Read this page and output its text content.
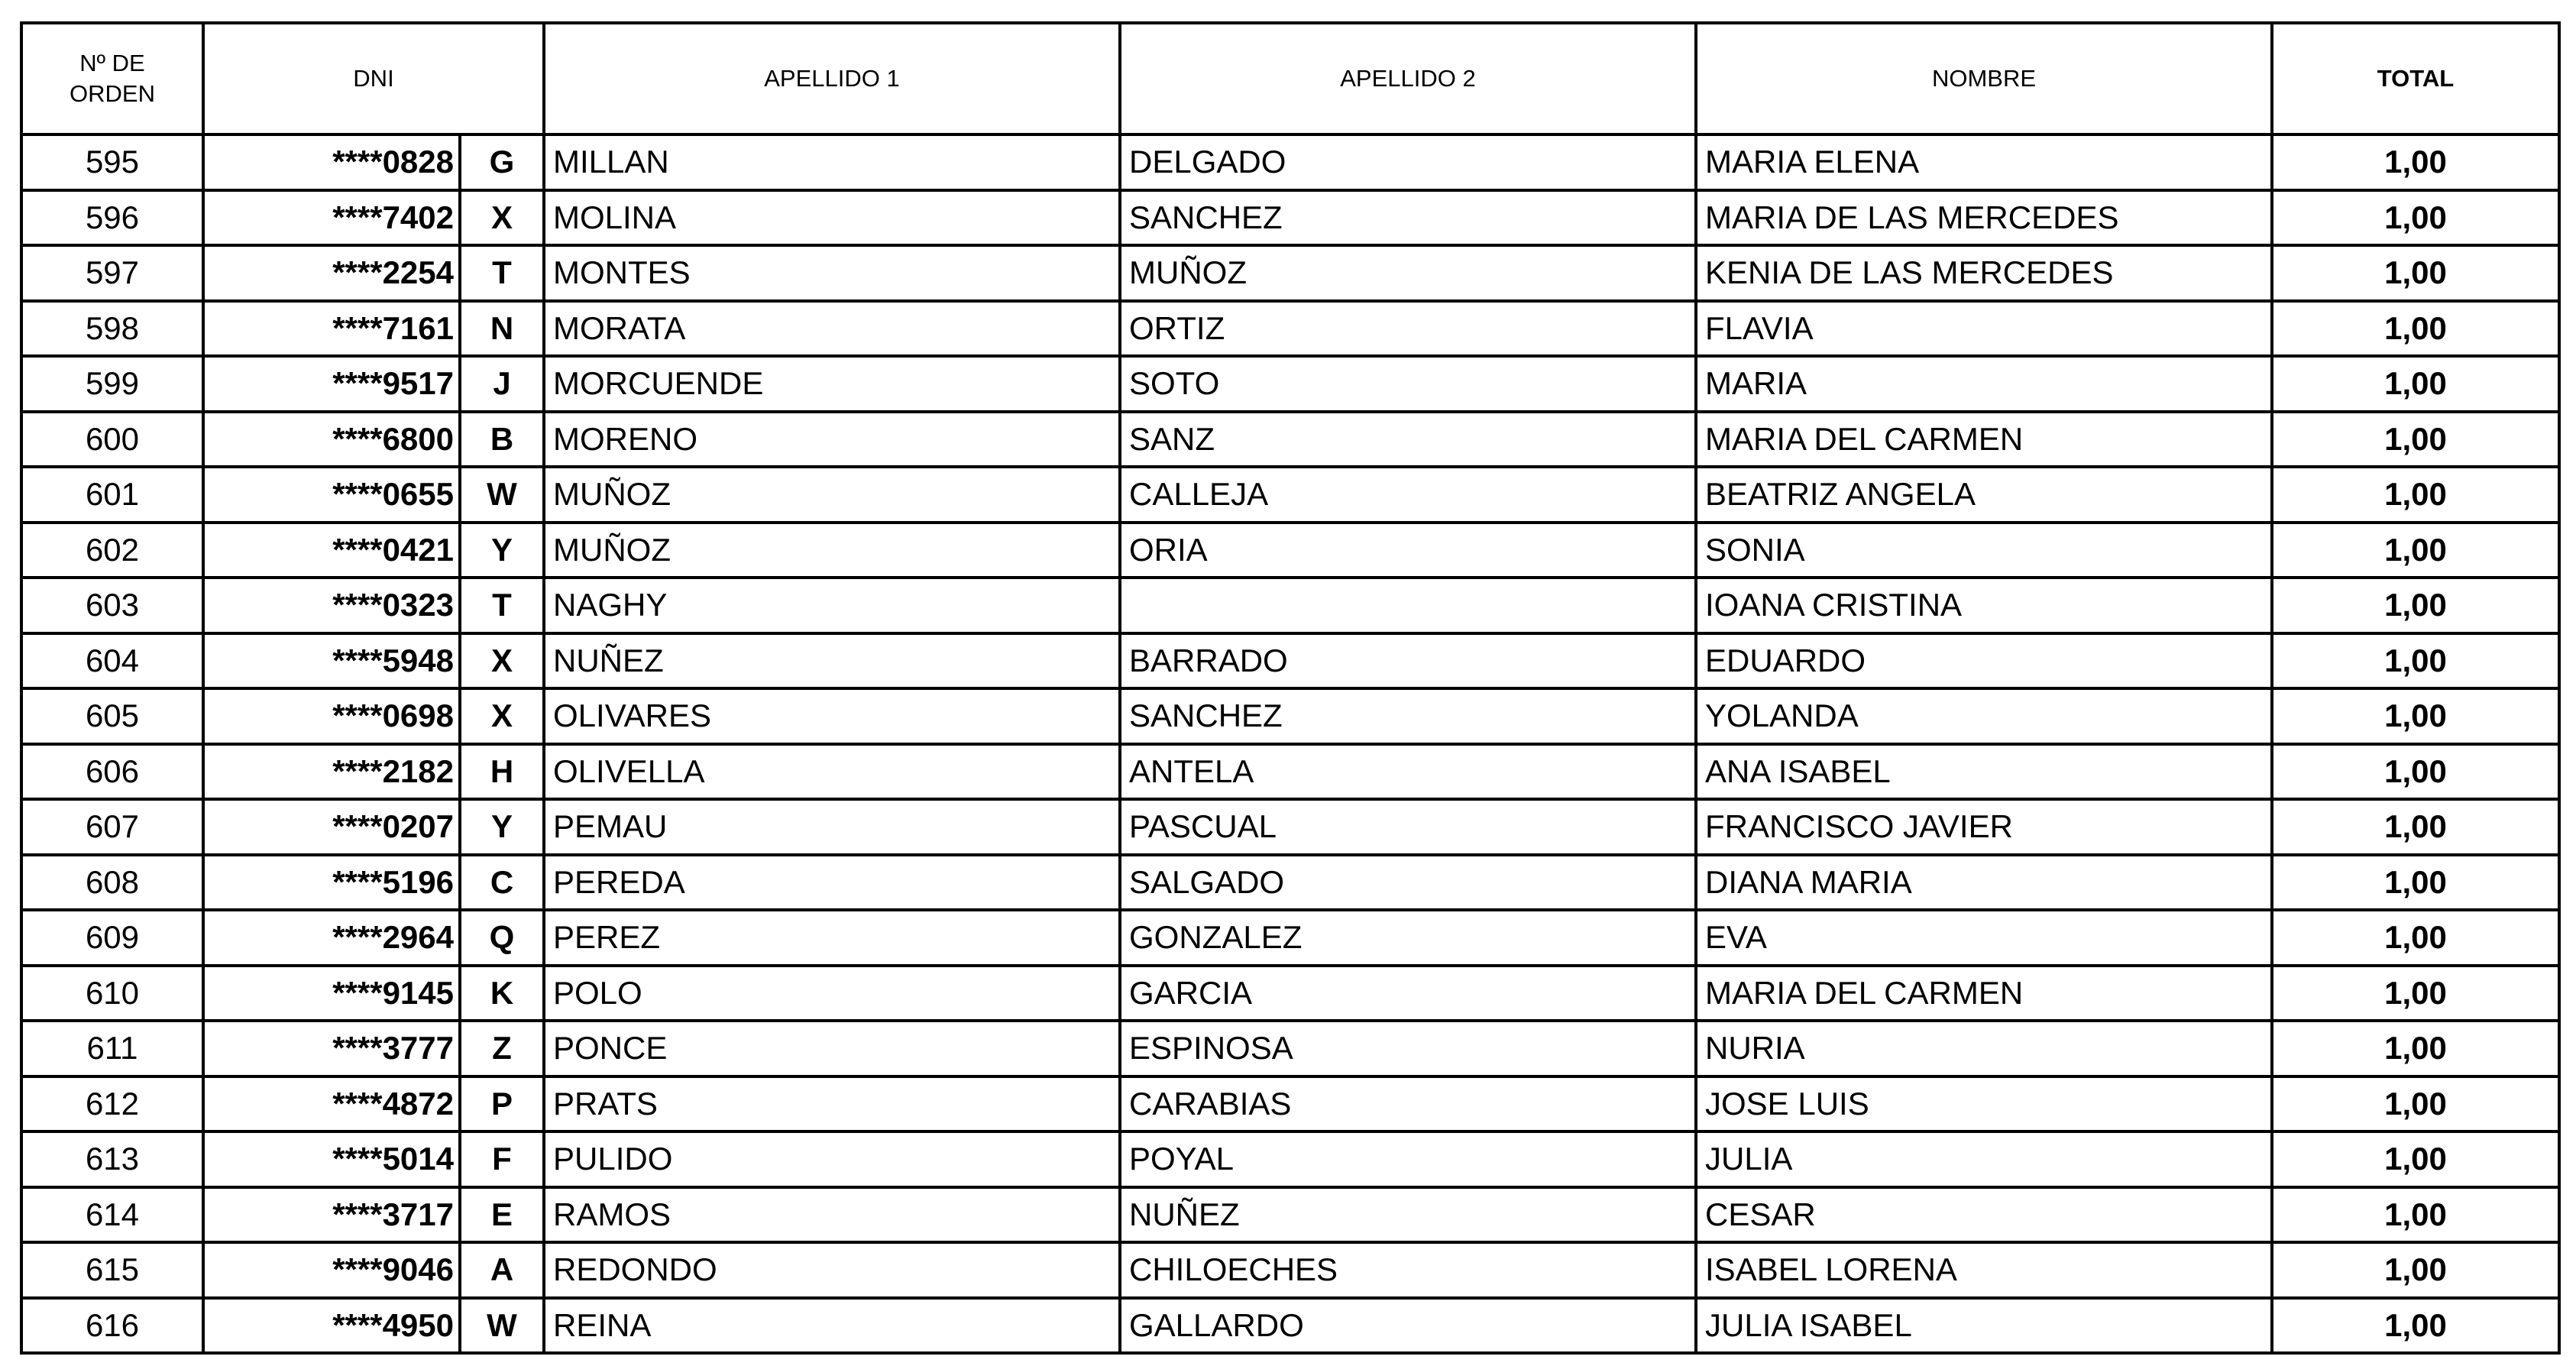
Nº DE ORDEN	DNI		APELLIDO 1	APELLIDO 2	NOMBRE	TOTAL
595	****0828	G	MILLAN	DELGADO	MARIA ELENA	1,00
596	****7402	X	MOLINA	SANCHEZ	MARIA DE LAS MERCEDES	1,00
597	****2254	T	MONTES	MUÑOZ	KENIA DE LAS MERCEDES	1,00
598	****7161	N	MORATA	ORTIZ	FLAVIA	1,00
599	****9517	J	MORCUENDE	SOTO	MARIA	1,00
600	****6800	B	MORENO	SANZ	MARIA DEL CARMEN	1,00
601	****0655	W	MUÑOZ	CALLEJA	BEATRIZ ANGELA	1,00
602	****0421	Y	MUÑOZ	ORIA	SONIA	1,00
603	****0323	T	NAGHY		IOANA CRISTINA	1,00
604	****5948	X	NUÑEZ	BARRADO	EDUARDO	1,00
605	****0698	X	OLIVARES	SANCHEZ	YOLANDA	1,00
606	****2182	H	OLIVELLA	ANTELA	ANA ISABEL	1,00
607	****0207	Y	PEMAU	PASCUAL	FRANCISCO JAVIER	1,00
608	****5196	C	PEREDA	SALGADO	DIANA MARIA	1,00
609	****2964	Q	PEREZ	GONZALEZ	EVA	1,00
610	****9145	K	POLO	GARCIA	MARIA DEL CARMEN	1,00
611	****3777	Z	PONCE	ESPINOSA	NURIA	1,00
612	****4872	P	PRATS	CARABIAS	JOSE LUIS	1,00
613	****5014	F	PULIDO	POYAL	JULIA	1,00
614	****3717	E	RAMOS	NUÑEZ	CESAR	1,00
615	****9046	A	REDONDO	CHILOECHES	ISABEL LORENA	1,00
616	****4950	W	REINA	GALLARDO	JULIA ISABEL	1,00
